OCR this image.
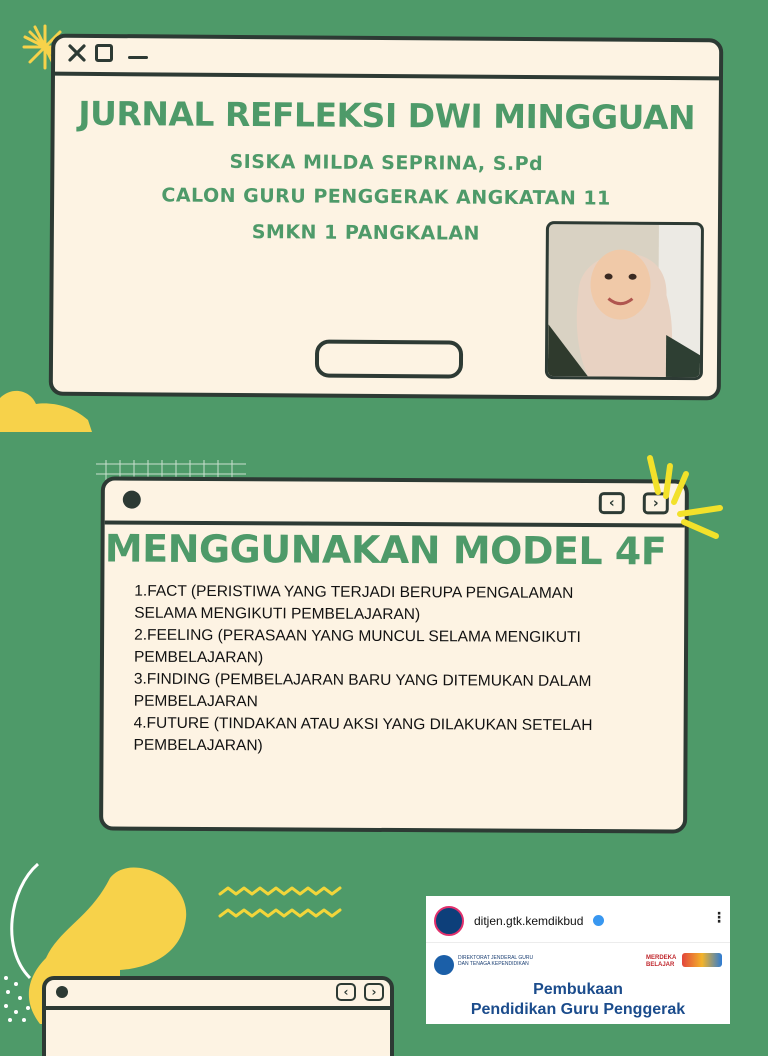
JURNAL REFLEKSI DWI MINGGUAN
SISKA MILDA SEPRINA, S.Pd
CALON GURU PENGGERAK ANGKATAN 11
SMKN 1 PANGKALAN
‹	›
MENGGUNAKAN MODEL 4F
1.FACT (PERISTIWA YANG TERJADI BERUPA PENGALAMAN
SELAMA MENGIKUTI PEMBELAJARAN)
2.FEELING (PERASAAN YANG MUNCUL SELAMA MENGIKUTI
PEMBELAJARAN)
3.FINDING (PEMBELAJARAN BARU YANG DITEMUKAN DALAM
PEMBELAJARAN
4.FUTURE (TINDAKAN ATAU AKSI YANG DILAKUKAN SETELAH
PEMBELAJARAN)
‹	›
ditjen.gtk.kemdikbud	⋮
DIREKTORAT JENDERAL GURU DAN TENAGA KEPENDIDIKAN
MERDEKA BELAJAR
Pembukaan
Pendidikan Guru Penggerak
